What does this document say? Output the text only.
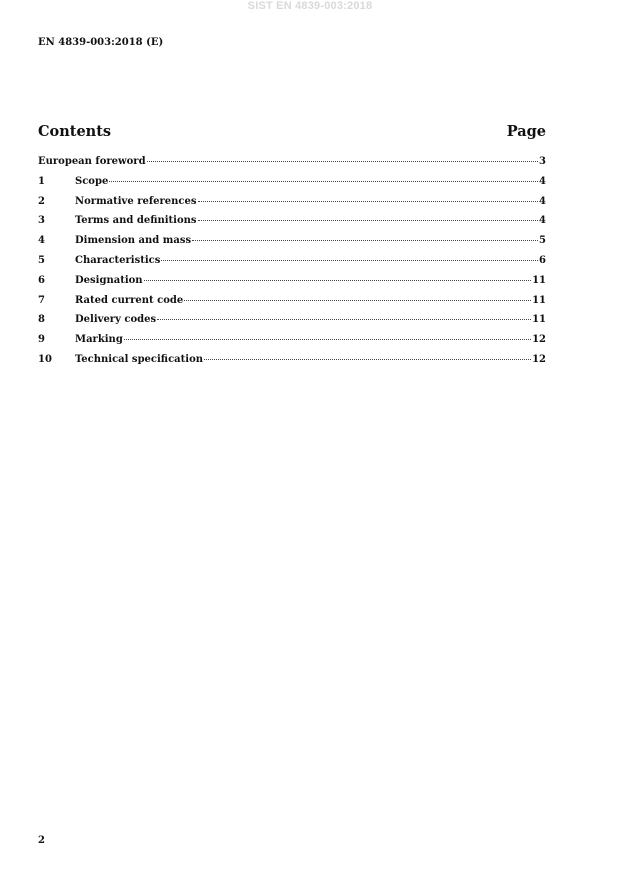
SIST EN 4839-003:2018
EN 4839-003:2018 (E)
Contents	Page
European foreword	3
1	Scope	4
2	Normative references	4
3	Terms and definitions	4
4	Dimension and mass	5
5	Characteristics	6
6	Designation	11
7	Rated current code	11
8	Delivery codes	11
9	Marking	12
10	Technical specification	12
2
